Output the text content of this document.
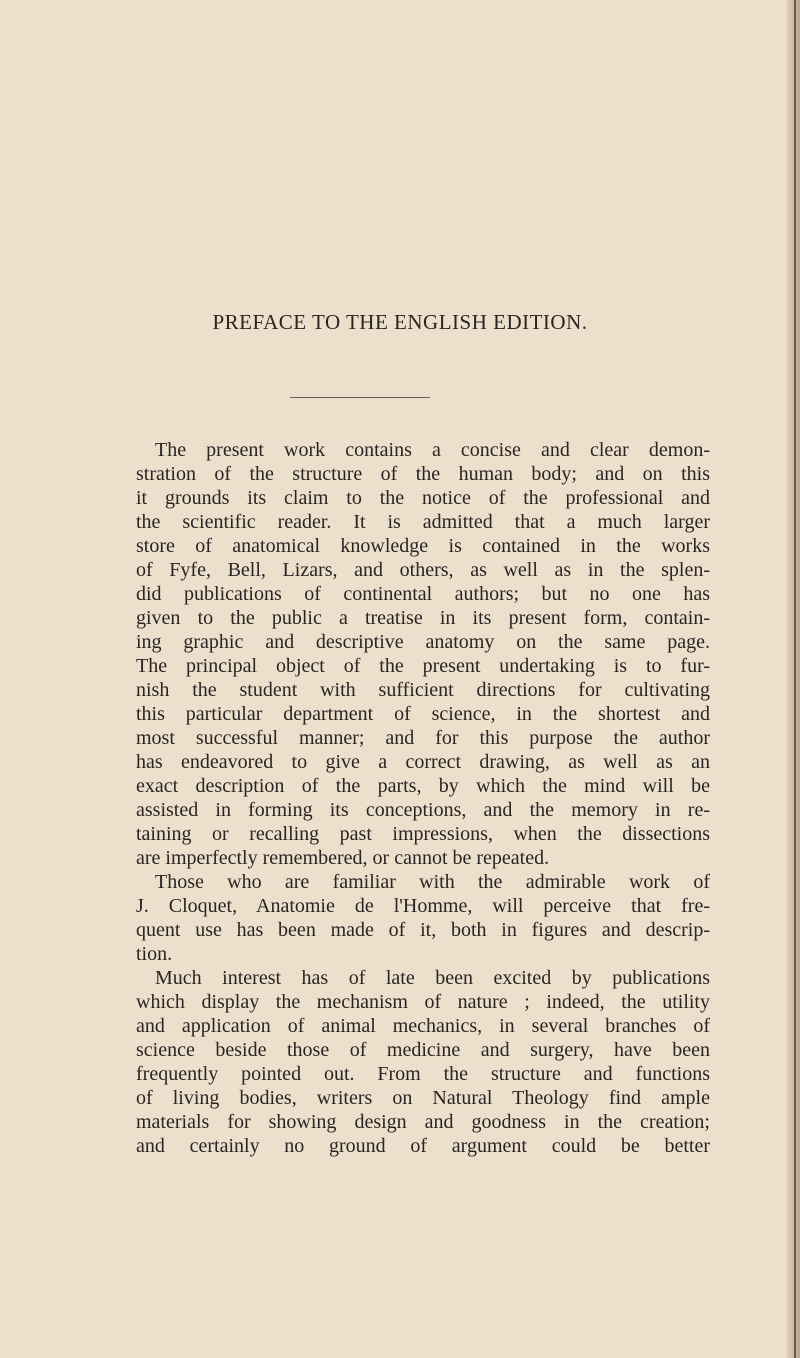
PREFACE TO THE ENGLISH EDITION.
The present work contains a concise and clear demon-
stration of the structure of the human body; and on this
it grounds its claim to the notice of the professional and
the scientific reader. It is admitted that a much larger
store of anatomical knowledge is contained in the works
of Fyfe, Bell, Lizars, and others, as well as in the splen-
did publications of continental authors; but no one has
given to the public a treatise in its present form, contain-
ing graphic and descriptive anatomy on the same page.
The principal object of the present undertaking is to fur-
nish the student with sufficient directions for cultivating
this particular department of science, in the shortest and
most successful manner; and for this purpose the author
has endeavored to give a correct drawing, as well as an
exact description of the parts, by which the mind will be
assisted in forming its conceptions, and the memory in re-
taining or recalling past impressions, when the dissections
are imperfectly remembered, or cannot be repeated.
Those who are familiar with the admirable work of
J. Cloquet, Anatomie de l'Homme, will perceive that fre-
quent use has been made of it, both in figures and descrip-
tion.
Much interest has of late been excited by publications
which display the mechanism of nature ; indeed, the utility
and application of animal mechanics, in several branches of
science beside those of medicine and surgery, have been
frequently pointed out. From the structure and functions
of living bodies, writers on Natural Theology find ample
materials for showing design and goodness in the creation;
and certainly no ground of argument could be better
